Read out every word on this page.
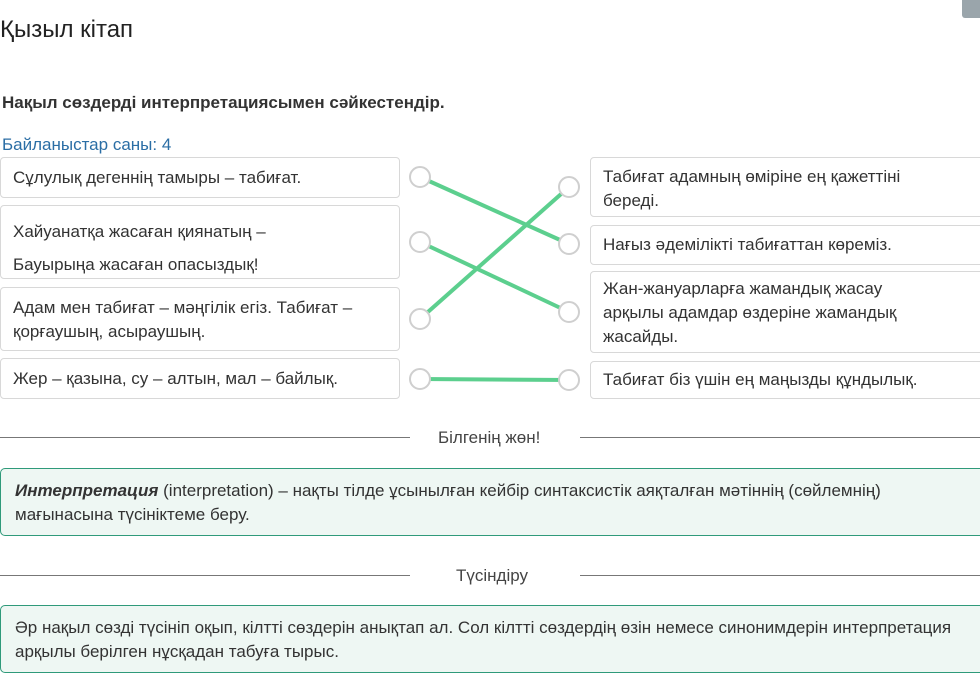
Қызыл кітап
Нақыл сөздерді интерпретациясымен сәйкестендір.
Байланыстар саны: 4
Сұлулық дегеннің тамыры – табиғат.
Хайуанатқа жасаған қиянатың –
Бауырыңа жасаған опасыздық!
Адам мен табиғат – мәңгілік егіз. Табиғат –
қорғаушың, асыраушың.
Жер – қазына, су – алтын, мал – байлық.
Табиғат адамның өміріне ең қажеттіні
береді.
Нағыз әдемілікті табиғаттан көреміз.
Жан-жануарларға жамандық жасау
арқылы адамдар өздеріне жамандық
жасайды.
Табиғат біз үшін ең маңызды құндылық.
Білгенің жөн!
Интерпретация (interpretation) – нақты тілде ұсынылған кейбір синтаксистік аяқталған мәтіннің (сөйлемнің) мағынасына түсініктеме беру.
Түсіндіру
Әр нақыл сөзді түсініп оқып, кілтті сөздерін анықтап ал. Сол кілтті сөздердің өзін немесе синонимдерін интерпретация арқылы берілген нұсқадан табуға тырыс.
